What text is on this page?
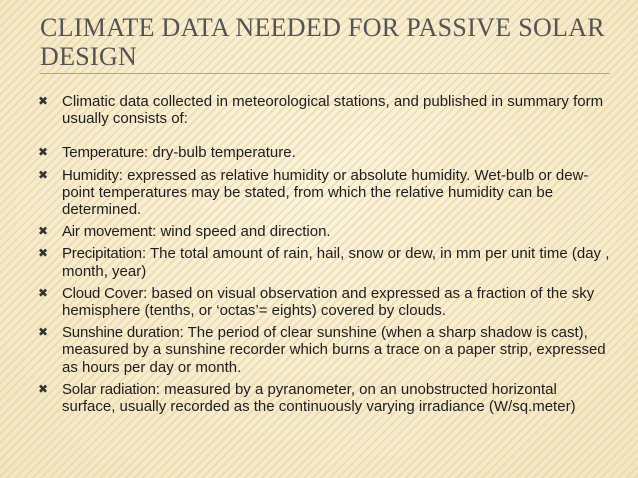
CLIMATE DATA NEEDED FOR PASSIVE SOLAR DESIGN
✖ Climatic data collected in meteorological stations, and published in summary form usually consists of:
✖ Temperature: dry-bulb temperature.
✖ Humidity: expressed as relative humidity or absolute humidity. Wet-bulb or dew-point temperatures may be stated, from which the relative humidity can be determined.
✖ Air movement: wind speed and direction.
✖ Precipitation: The total amount of rain, hail, snow or dew, in mm per unit time (day , month, year)
✖ Cloud Cover: based on visual observation and expressed as a fraction of the sky hemisphere (tenths, or ‘octas’= eights) covered by clouds.
✖ Sunshine duration: The period of clear sunshine (when a sharp shadow is cast), measured by a sunshine recorder which burns a trace on a paper strip, expressed as hours per day or month.
✖ Solar radiation: measured by a pyranometer, on an unobstructed horizontal surface, usually recorded as the continuously varying irradiance (W/sq.meter)
